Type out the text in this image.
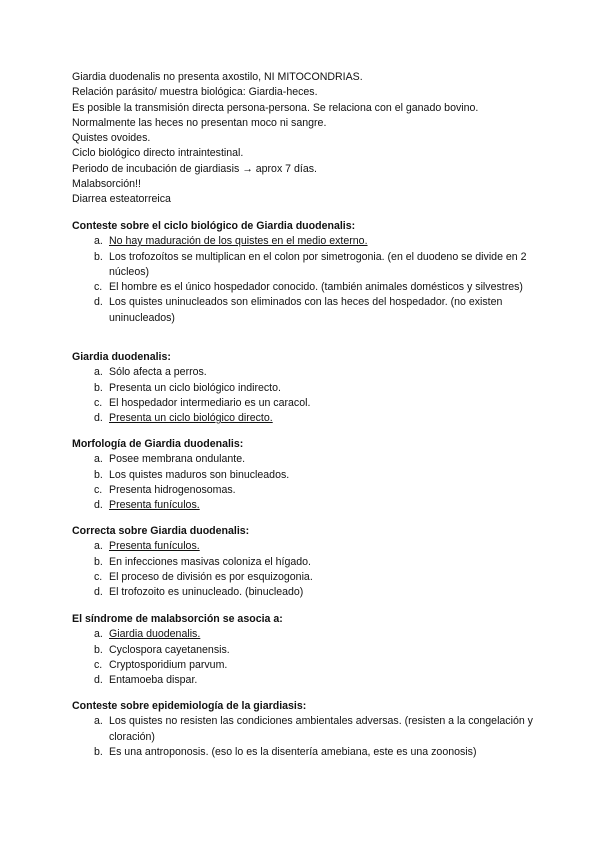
Giardia duodenalis no presenta axostilo, NI MITOCONDRIAS.
Relación parásito/ muestra biológica: Giardia-heces.
Es posible la transmisión directa persona-persona. Se relaciona con el ganado bovino.
Normalmente las heces no presentan moco ni sangre.
Quistes ovoides.
Ciclo biológico directo intraintestinal.
Periodo de incubación de giardiasis → aprox 7 días.
Malabsorción!!
Diarrea esteatorreica
Conteste sobre el ciclo biológico de Giardia duodenalis:
a. No hay maduración de los quistes en el medio externo.
b. Los trofozoítos se multiplican en el colon por simetrogonia. (en el duodeno se divide en 2 núcleos)
c. El hombre es el único hospedador conocido. (también animales domésticos y silvestres)
d. Los quistes uninucleados son eliminados con las heces del hospedador. (no existen uninucleados)
Giardia duodenalis:
a. Sólo afecta a perros.
b. Presenta un ciclo biológico indirecto.
c. El hospedador intermediario es un caracol.
d. Presenta un ciclo biológico directo.
Morfología de Giardia duodenalis:
a. Posee membrana ondulante.
b. Los quistes maduros son binucleados.
c. Presenta hidrogenosomas.
d. Presenta funículos.
Correcta sobre Giardia duodenalis:
a. Presenta funículos.
b. En infecciones masivas coloniza el hígado.
c. El proceso de división es por esquizogonia.
d. El trofozoito es uninucleado. (binucleado)
El síndrome de malabsorción se asocia a:
a. Giardia duodenalis.
b. Cyclospora cayetanensis.
c. Cryptosporidium parvum.
d. Entamoeba dispar.
Conteste sobre epidemiología de la giardiasis:
a. Los quistes no resisten las condiciones ambientales adversas. (resisten a la congelación y cloración)
b. Es una antroponosis. (eso lo es la disentería amebiana, este es una zoonosis)
